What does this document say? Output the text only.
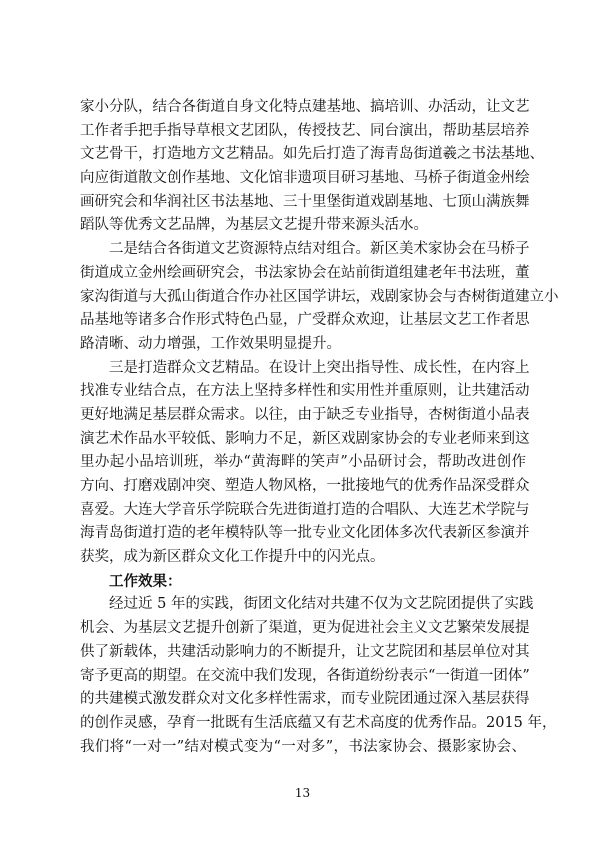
家小分队，结合各街道自身文化特点建基地、搞培训、办活动，让文艺
工作者手把手指导草根文艺团队，传授技艺、同台演出，帮助基层培养
文艺骨干，打造地方文艺精品。如先后打造了海青岛街道羲之书法基地、
向应街道散文创作基地、文化馆非遗项目研习基地、马桥子街道金州绘
画研究会和华润社区书法基地、三十里堡街道戏剧基地、七顶山满族舞
蹈队等优秀文艺品牌，为基层文艺提升带来源头活水。
　　二是结合各街道文艺资源特点结对组合。新区美术家协会在马桥子
街道成立金州绘画研究会，书法家协会在站前街道组建老年书法班，董
家沟街道与大孤山街道合作办社区国学讲坛，戏剧家协会与杏树街道建立小
品基地等诸多合作形式特色凸显，广受群众欢迎，让基层文艺工作者思
路清晰、动力增强，工作效果明显提升。
　　三是打造群众文艺精品。在设计上突出指导性、成长性，在内容上
找准专业结合点，在方法上坚持多样性和实用性并重原则，让共建活动
更好地满足基层群众需求。以往，由于缺乏专业指导，杏树街道小品表
演艺术作品水平较低、影响力不足，新区戏剧家协会的专业老师来到这
里办起小品培训班，举办“黄海畔的笑声”小品研讨会，帮助改进创作
方向、打磨戏剧冲突、塑造人物风格，一批接地气的优秀作品深受群众
喜爱。大连大学音乐学院联合先进街道打造的合唱队、大连艺术学院与
海青岛街道打造的老年模特队等一批专业文化团体多次代表新区参演并
获奖，成为新区群众文化工作提升中的闪光点。
　　工作效果：
　　经过近 5 年的实践，街团文化结对共建不仅为文艺院团提供了实践
机会、为基层文艺提升创新了渠道，更为促进社会主义文艺繁荣发展提
供了新载体，共建活动影响力的不断提升，让文艺院团和基层单位对其
寄予更高的期望。在交流中我们发现，各街道纷纷表示“一街道一团体”
的共建模式激发群众对文化多样性需求，而专业院团通过深入基层获得
的创作灵感，孕育一批既有生活底蕴又有艺术高度的优秀作品。2015 年，
我们将“一对一”结对模式变为“一对多”，书法家协会、摄影家协会、
13
